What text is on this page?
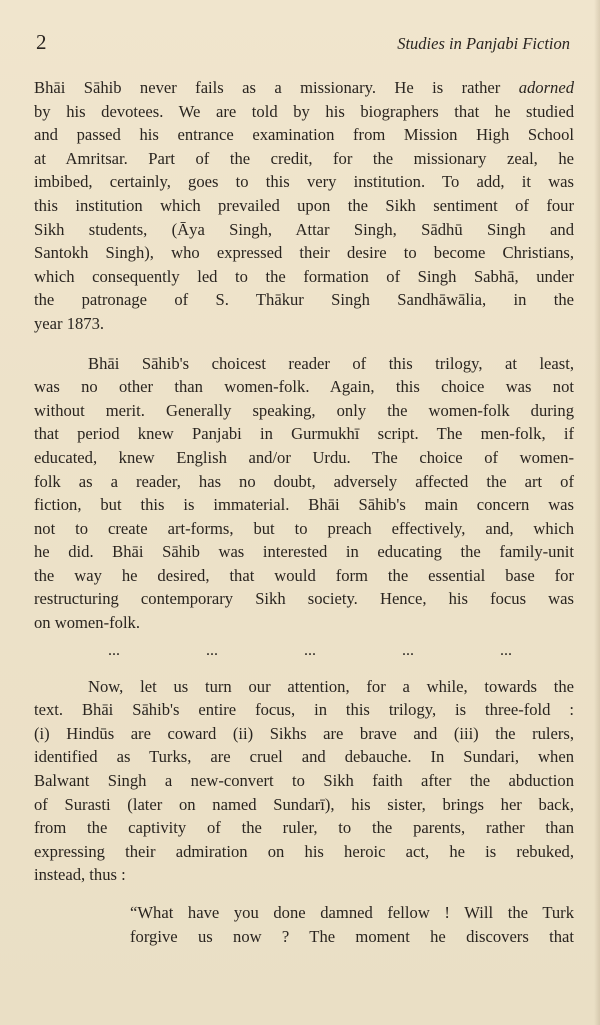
2	Studies in Panjabi Fiction

Bhāi Sāhib never fails as a missionary. He is rather adorned
by his devotees. We are told by his biographers that he studied
and passed his entrance examination from Mission High School
at Amritsar. Part of the credit, for the missionary zeal, he
imbibed, certainly, goes to this very institution. To add, it was
this institution which prevailed upon the Sikh sentiment of four
Sikh students, (Āya Singh, Attar Singh, Sādhū Singh and
Santokh Singh), who expressed their desire to become Christians,
which consequently led to the formation of Singh Sabhā, under
the patronage of S. Thākur Singh Sandhāwālia, in the
year 1873.

Bhāi Sāhib's choicest reader of this trilogy, at least,
was no other than women-folk. Again, this choice was not
without merit. Generally speaking, only the women-folk during
that period knew Panjabi in Gurmukhī script. The men-folk, if
educated, knew English and/or Urdu. The choice of women-
folk as a reader, has no doubt, adversely affected the art of
fiction, but this is immaterial. Bhāi Sāhib's main concern was
not to create art-forms, but to preach effectively, and, which
he did. Bhāi Sāhib was interested in educating the family-unit
the way he desired, that would form the essential base for
restructuring contemporary Sikh society. Hence, his focus was
on women-folk.

...	...	...	...	...

Now, let us turn our attention, for a while, towards the
text. Bhāi Sāhib's entire focus, in this trilogy, is three-fold :
(i) Hindūs are coward (ii) Sikhs are brave and (iii) the rulers,
identified as Turks, are cruel and debauche. In Sundari, when
Balwant Singh a new-convert to Sikh faith after the abduction
of Surasti (later on named Sundarī), his sister, brings her back,
from the captivity of the ruler, to the parents, rather than
expressing their admiration on his heroic act, he is rebuked,
instead, thus :

“What have you done damned fellow ! Will the Turk
forgive us now ? The moment he discovers that
